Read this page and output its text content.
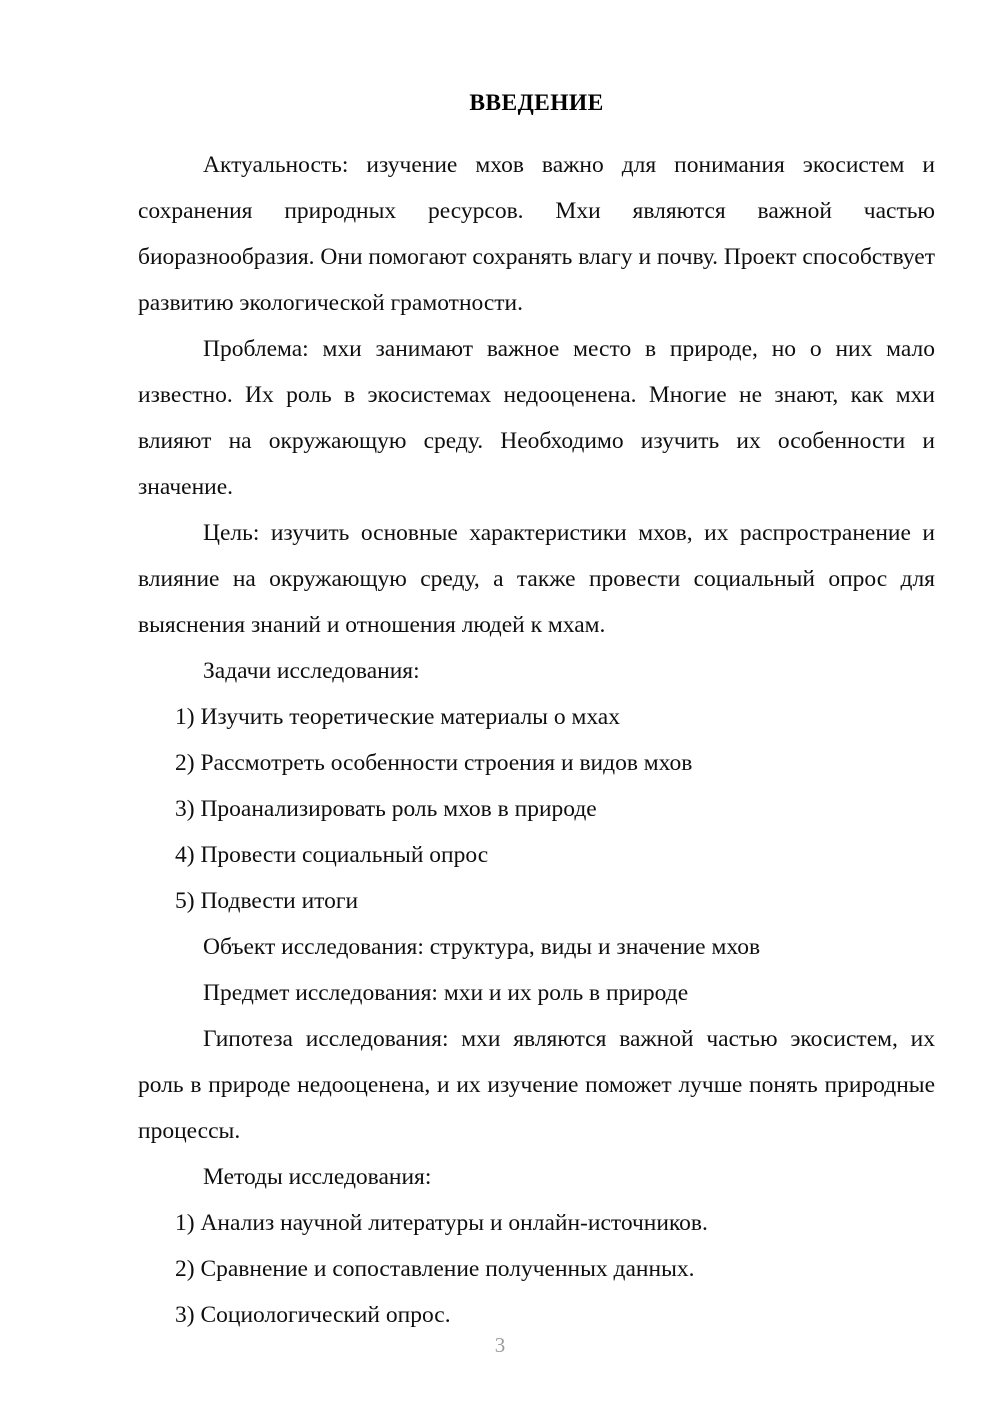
ВВЕДЕНИЕ

Актуальность: изучение мхов важно для понимания экосистем и сохранения природных ресурсов. Мхи являются важной частью биоразнообразия. Они помогают сохранять влагу и почву. Проект способствует развитию экологической грамотности.

Проблема: мхи занимают важное место в природе, но о них мало известно. Их роль в экосистемах недооценена. Многие не знают, как мхи влияют на окружающую среду. Необходимо изучить их особенности и значение.

Цель: изучить основные характеристики мхов, их распространение и влияние на окружающую среду, а также провести социальный опрос для выяснения знаний и отношения людей к мхам.

Задачи исследования:

1) Изучить теоретические материалы о мхах

2) Рассмотреть особенности строения и видов мхов

3) Проанализировать роль мхов в природе

4) Провести социальный опрос

5) Подвести итоги

Объект исследования: структура, виды и значение мхов

Предмет исследования: мхи и их роль в природе

Гипотеза исследования: мхи являются важной частью экосистем, их роль в природе недооценена, и их изучение поможет лучше понять природные процессы.

Методы исследования:

1) Анализ научной литературы и онлайн-источников.

2) Сравнение и сопоставление полученных данных.

3) Социологический опрос.

3
